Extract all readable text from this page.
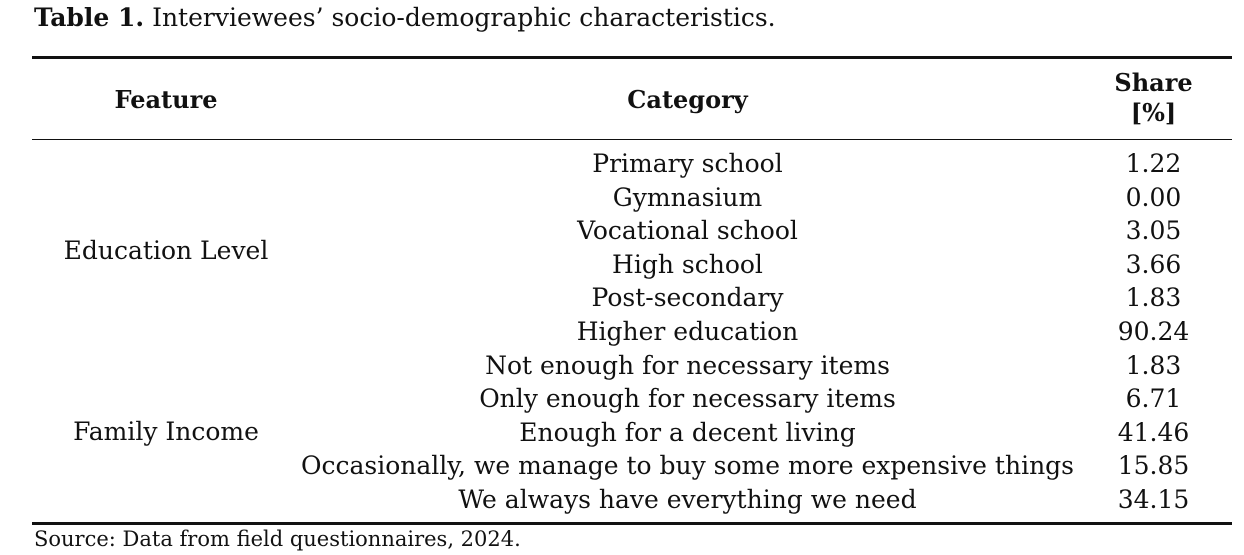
Table 1. Interviewees’ socio-demographic characteristics.
Feature	Category
Share
[%]
Education Level
Family Income
Primary school
Gymnasium
Vocational school
High school
Post-secondary
Higher education
Not enough for necessary items
Only enough for necessary items
Enough for a decent living
Occasionally, we manage to buy some more expensive things
We always have everything we need
1.22
0.00
3.05
3.66
1.83
90.24
1.83
6.71
41.46
15.85
34.15
Source: Data from field questionnaires, 2024.
